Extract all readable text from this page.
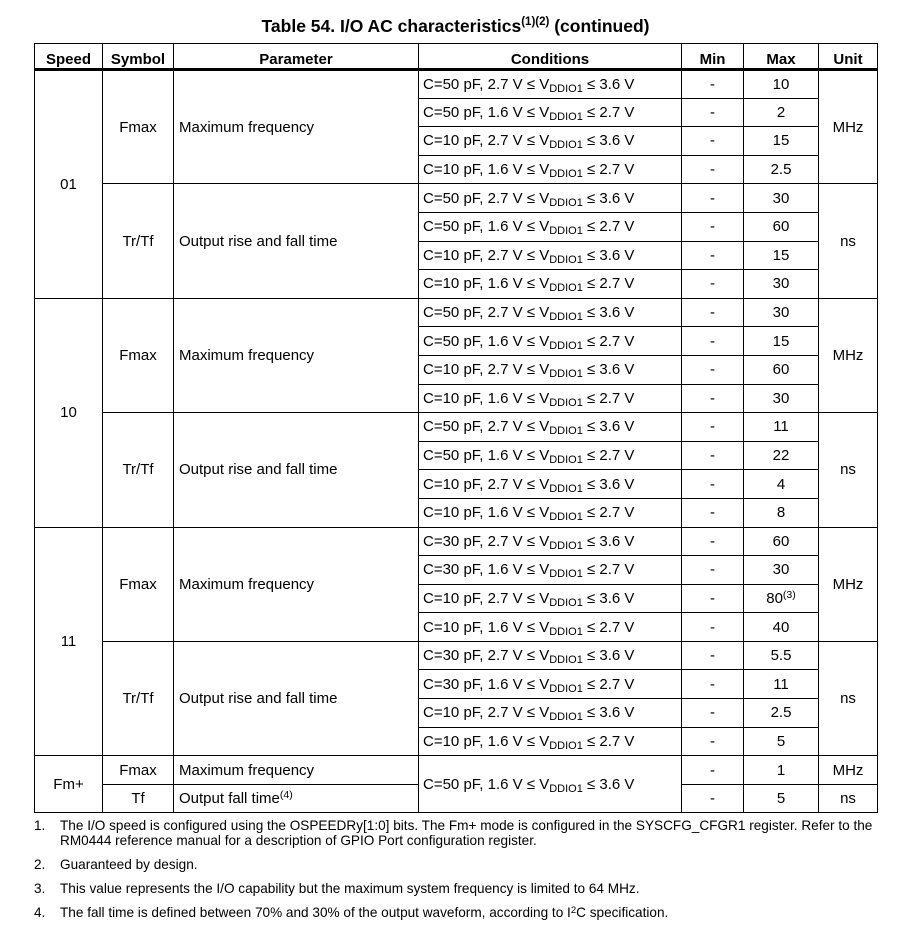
Table 54. I/O AC characteristics$^{(1)(2)}$ (continued)
Speed	Symbol	Parameter	Conditions	Min	Max	Unit
01	Fmax	Maximum frequency	C=50 pF, 2.7 $V \le V_{DDIO1} \le 3.6$ V	-	10	MHz
			C=50 pF, 1.6 $V \le V_{DDIO1} \le 2.7$ V	-	2	
			C=10 pF, 2.7 $V \le V_{DDIO1} \le 3.6$ V	-	15	
			C=10 pF, 1.6 $V \le V_{DDIO1} \le 2.7$ V	-	2.5	
	Tr/Tf	Output rise and fall time	C=50 pF, 2.7 $V \le V_{DDIO1} \le 3.6$ V	-	30	ns
			C=50 pF, 1.6 $V \le V_{DDIO1} \le 2.7$ V	-	60	
			C=10 pF, 2.7 $V \le V_{DDIO1} \le 3.6$ V	-	15	
			C=10 pF, 1.6 $V \le V_{DDIO1} \le 2.7$ V	-	30	
10	Fmax	Maximum frequency	C=50 pF, 2.7 $V \le V_{DDIO1} \le 3.6$ V	-	30	MHz
			C=50 pF, 1.6 $V \le V_{DDIO1} \le 2.7$ V	-	15	
			C=10 pF, 2.7 $V \le V_{DDIO1} \le 3.6$ V	-	60	
			C=10 pF, 1.6 $V \le V_{DDIO1} \le 2.7$ V	-	30	
	Tr/Tf	Output rise and fall time	C=50 pF, 2.7 $V \le V_{DDIO1} \le 3.6$ V	-	11	ns
			C=50 pF, 1.6 $V \le V_{DDIO1} \le 2.7$ V	-	22	
			C=10 pF, 2.7 $V \le V_{DDIO1} \le 3.6$ V	-	4	
			C=10 pF, 1.6 $V \le V_{DDIO1} \le 2.7$ V	-	8	
11	Fmax	Maximum frequency	C=30 pF, 2.7 $V \le V_{DDIO1} \le 3.6$ V	-	60	MHz
			C=30 pF, 1.6 $V \le V_{DDIO1} \le 2.7$ V	-	30	
			C=10 pF, 2.7 $V \le V_{DDIO1} \le 3.6$ V	-	80$^{(3)}$
			C=10 pF, 1.6 $V \le V_{DDIO1} \le 2.7$ V	-	40	
	Tr/Tf	Output rise and fall time	C=30 pF, 2.7 $V \le V_{DDIO1} \le 3.6$ V	-	5.5	ns
			C=30 pF, 1.6 $V \le V_{DDIO1} \le 2.7$ V	-	11	
			C=10 pF, 2.7 $V \le V_{DDIO1} \le 3.6$ V	-	2.5	
			C=10 pF, 1.6 $V \le V_{DDIO1} \le 2.7$ V	-	5	
Fm+	Fmax	Maximum frequency	C=50 pF, 1.6 $V \le V_{DDIO1} \le 3.6$ V	-	1	MHz
	Tf	Output fall time$^{(4)}$		-	5	ns
1.	The I/O speed is configured using the OSPEEDRy[1:0] bits. The Fm+ mode is configured in the SYSCFG_CFGR1 register. Refer to the RM0444 reference manual for a description of GPIO Port configuration register.
2.	Guaranteed by design.
3.	This value represents the I/O capability but the maximum system frequency is limited to 64 MHz.
4.	The fall time is defined between 70% and 30% of the output waveform, according to $I^2C$ specification.
